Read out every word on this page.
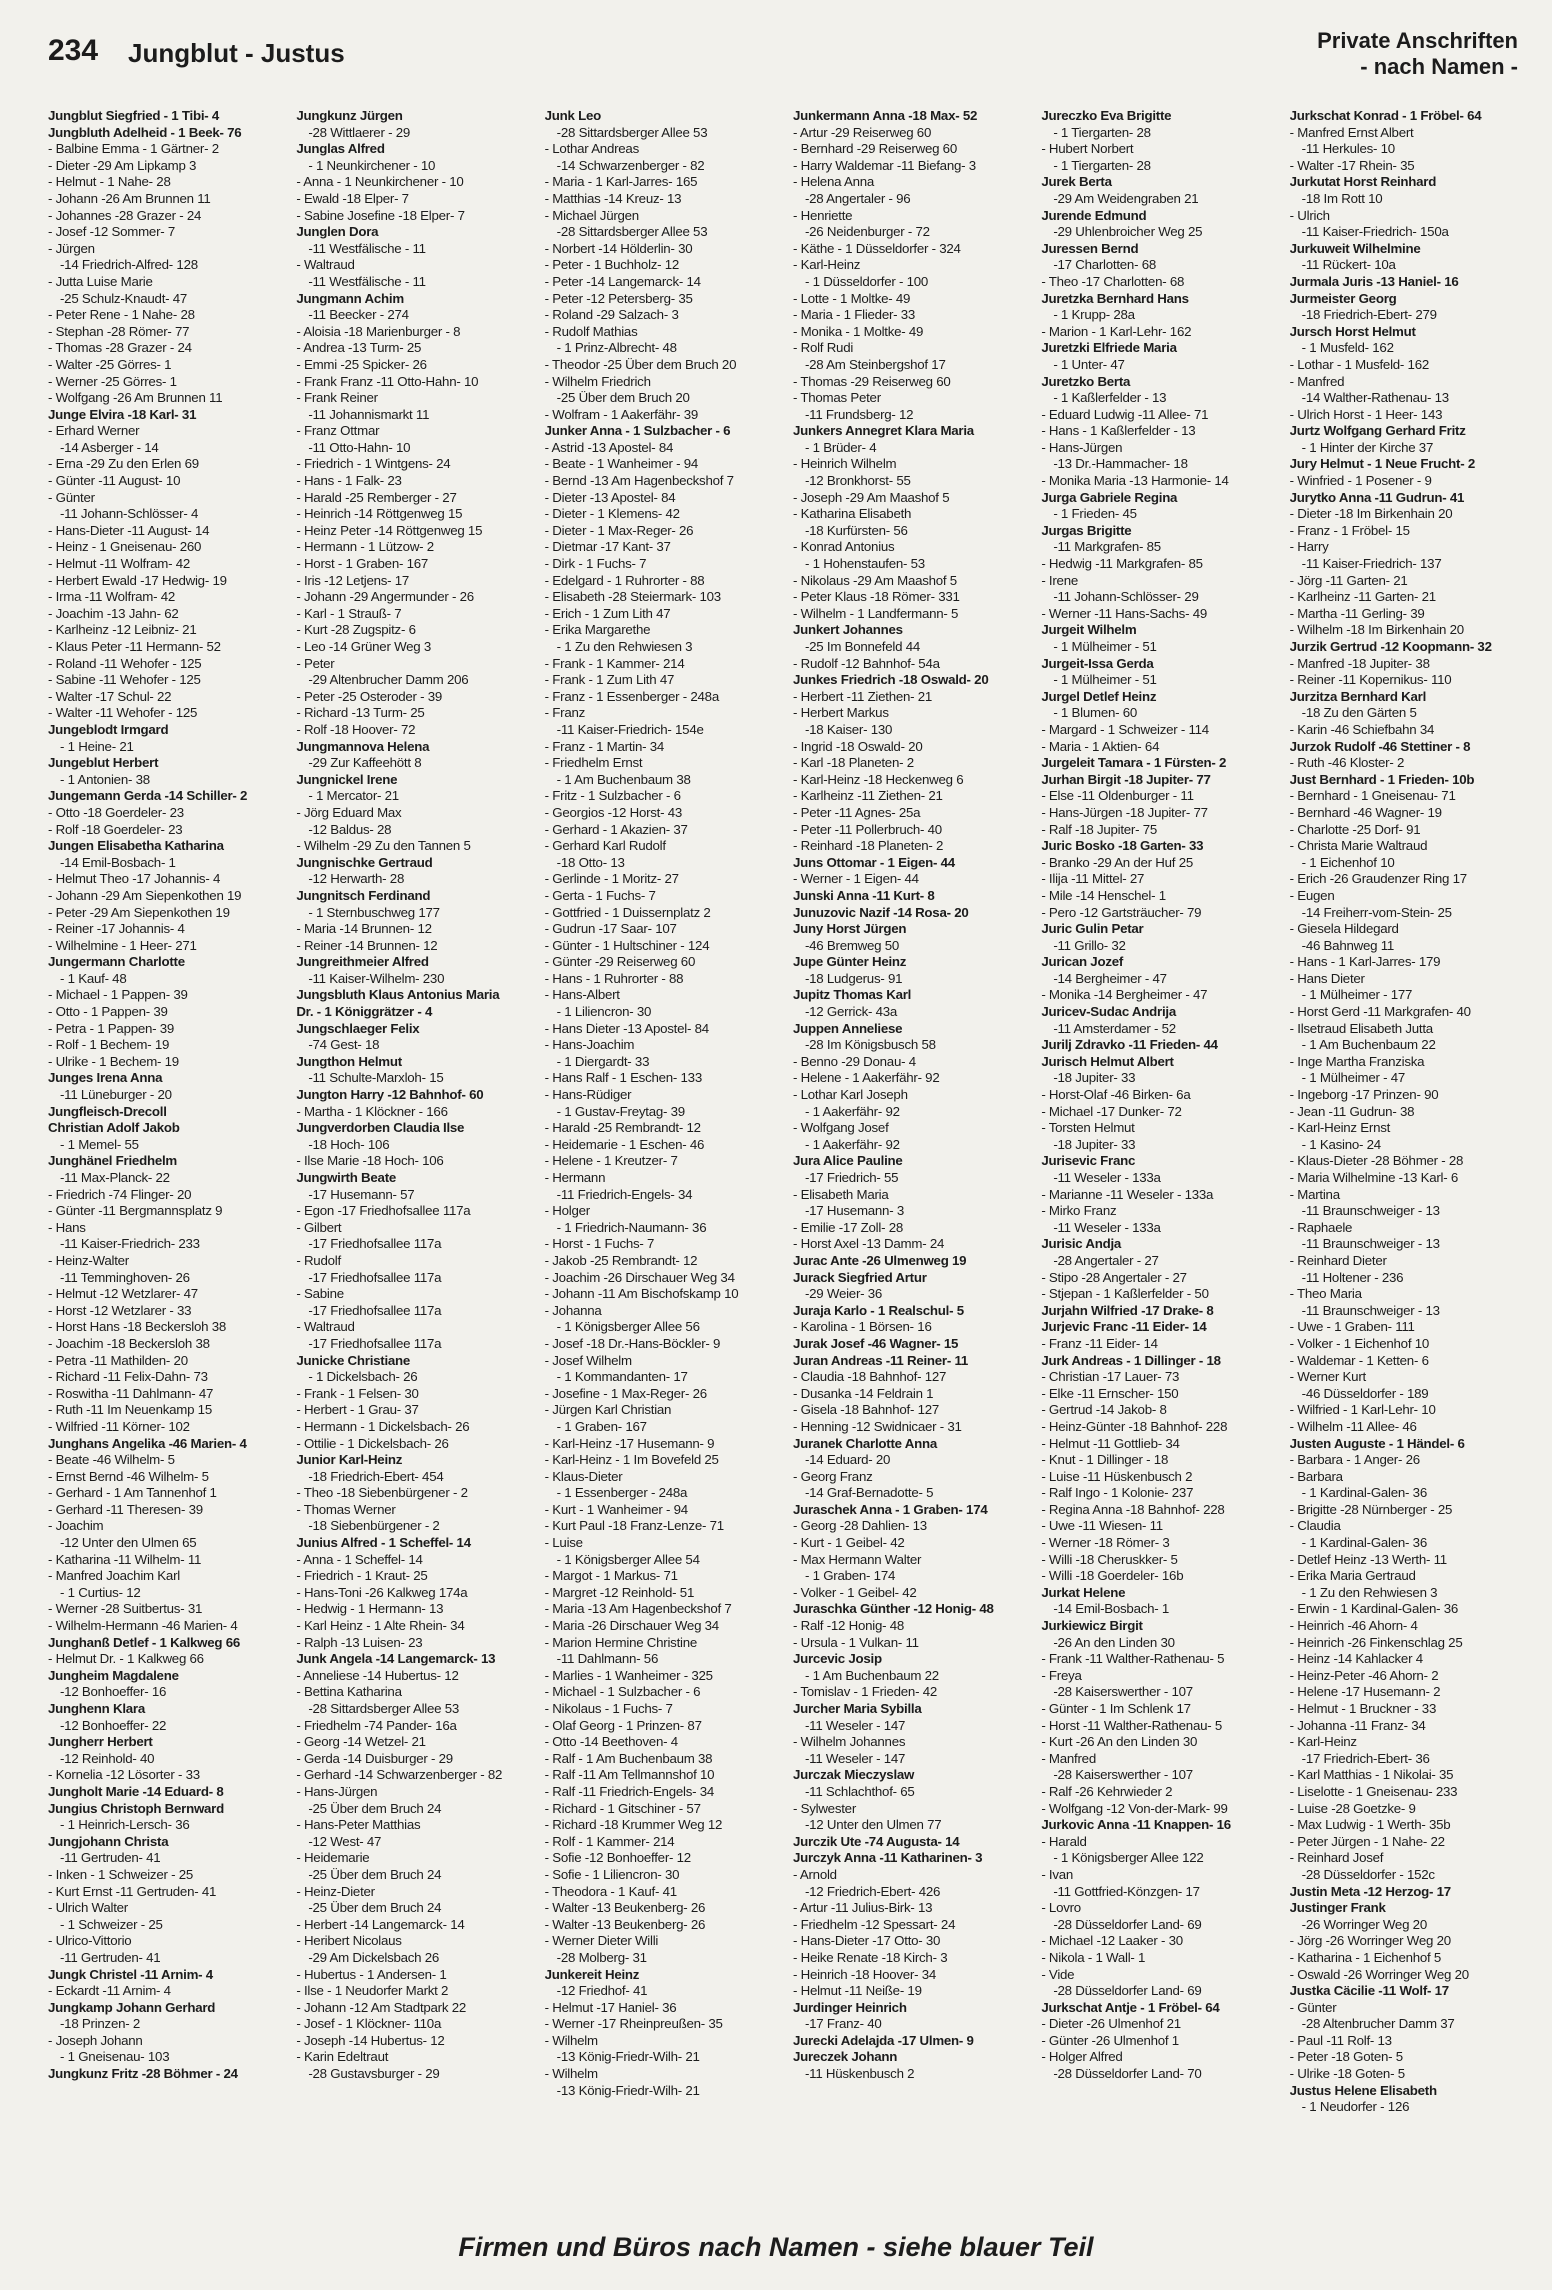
234 Jungblut - Justus	Private Anschriften
- nach Namen -
Jungblut Siegfried - 1 Tibi- 4
Jungbluth Adelheid - 1 Beek- 76
- Balbine Emma - 1 Gärtner- 2
- Dieter -29 Am Lipkamp 3
- Helmut - 1 Nahe- 28
- Johann -26 Am Brunnen 11
- Johannes -28 Grazer - 24
- Josef -12 Sommer- 7
- Jürgen
-14 Friedrich-Alfred- 128
- Jutta Luise Marie
-25 Schulz-Knaudt- 47
- Peter Rene - 1 Nahe- 28
- Stephan -28 Römer- 77
- Thomas -28 Grazer - 24
- Walter -25 Görres- 1
- Werner -25 Görres- 1
- Wolfgang -26 Am Brunnen 11
Junge Elvira -18 Karl- 31
- Erhard Werner
-14 Asberger - 14
- Erna -29 Zu den Erlen 69
- Günter -11 August- 10
- Günter
-11 Johann-Schlösser- 4
- Hans-Dieter -11 August- 14
- Heinz - 1 Gneisenau- 260
- Helmut -11 Wolfram- 42
- Herbert Ewald -17 Hedwig- 19
- Irma -11 Wolfram- 42
- Joachim -13 Jahn- 62
- Karlheinz -12 Leibniz- 21
- Klaus Peter -11 Hermann- 52
- Roland -11 Wehofer - 125
- Sabine -11 Wehofer - 125
- Walter -17 Schul- 22
- Walter -11 Wehofer - 125
Jungeblodt Irmgard
- 1 Heine- 21
Jungeblut Herbert
- 1 Antonien- 38
Jungemann Gerda -14 Schiller- 2
- Otto -18 Goerdeler- 23
- Rolf -18 Goerdeler- 23
Jungen Elisabetha Katharina
-14 Emil-Bosbach- 1
- Helmut Theo -17 Johannis- 4
- Johann -29 Am Siepenkothen 19
- Peter -29 Am Siepenkothen 19
- Reiner -17 Johannis- 4
- Wilhelmine - 1 Heer- 271
Jungermann Charlotte
- 1 Kauf- 48
- Michael - 1 Pappen- 39
- Otto - 1 Pappen- 39
- Petra - 1 Pappen- 39
- Rolf - 1 Bechem- 19
- Ulrike - 1 Bechem- 19
Junges Irena Anna
-11 Lüneburger - 20
Jungfleisch-Drecoll
Christian Adolf Jakob
- 1 Memel- 55
Junghänel Friedhelm
-11 Max-Planck- 22
- Friedrich -74 Flinger- 20
- Günter -11 Bergmannsplatz 9
- Hans
-11 Kaiser-Friedrich- 233
- Heinz-Walter
-11 Temminghoven- 26
- Helmut -12 Wetzlarer- 47
- Horst -12 Wetzlarer - 33
- Horst Hans -18 Beckersloh 38
- Joachim -18 Beckersloh 38
- Petra -11 Mathilden- 20
- Richard -11 Felix-Dahn- 73
- Roswitha -11 Dahlmann- 47
- Ruth -11 Im Neuenkamp 15
- Wilfried -11 Körner- 102
Junghans Angelika -46 Marien- 4
- Beate -46 Wilhelm- 5
- Ernst Bernd -46 Wilhelm- 5
- Gerhard - 1 Am Tannenhof 1
- Gerhard -11 Theresen- 39
- Joachim
-12 Unter den Ulmen 65
- Katharina -11 Wilhelm- 11
- Manfred Joachim Karl
- 1 Curtius- 12
- Werner -28 Suitbertus- 31
- Wilhelm-Hermann -46 Marien- 4
Junghanß Detlef - 1 Kalkweg 66
- Helmut Dr. - 1 Kalkweg 66
Jungheim Magdalene
-12 Bonhoeffer- 16
Junghenn Klara
-12 Bonhoeffer- 22
Jungherr Herbert
-12 Reinhold- 40
- Kornelia -12 Lösorter - 33
Jungholt Marie -14 Eduard- 8
Jungius Christoph Bernward
- 1 Heinrich-Lersch- 36
Jungjohann Christa
-11 Gertruden- 41
- Inken - 1 Schweizer - 25
- Kurt Ernst -11 Gertruden- 41
- Ulrich Walter
- 1 Schweizer - 25
- Ulrico-Vittorio
-11 Gertruden- 41
Jungk Christel -11 Arnim- 4
- Eckardt -11 Arnim- 4
Jungkamp Johann Gerhard
-18 Prinzen- 2
- Joseph Johann
- 1 Gneisenau- 103
Jungkunz Fritz -28 Böhmer - 24
Jungkunz Jürgen
-28 Wittlaerer - 29
Junglas Alfred
- 1 Neunkirchener - 10
- Anna - 1 Neunkirchener - 10
- Ewald -18 Elper- 7
- Sabine Josefine -18 Elper- 7
Junglen Dora
-11 Westfälische - 11
- Waltraud
-11 Westfälische - 11
Jungmann Achim
-11 Beecker - 274
- Aloisia -18 Marienburger - 8
- Andrea -13 Turm- 25
- Emmi -25 Spicker- 26
- Frank Franz -11 Otto-Hahn- 10
- Frank Reiner
-11 Johannismarkt 11
- Franz Ottmar
-11 Otto-Hahn- 10
- Friedrich - 1 Wintgens- 24
- Hans - 1 Falk- 23
- Harald -25 Remberger - 27
- Heinrich -14 Röttgenweg 15
- Heinz Peter -14 Röttgenweg 15
- Hermann - 1 Lützow- 2
- Horst - 1 Graben- 167
- Iris -12 Letjens- 17
- Johann -29 Angermunder - 26
- Karl - 1 Strauß- 7
- Kurt -28 Zugspitz- 6
- Leo -14 Grüner Weg 3
- Peter
-29 Altenbrucher Damm 206
- Peter -25 Osteroder - 39
- Richard -13 Turm- 25
- Rolf -18 Hoover- 72
Jungmannova Helena
-29 Zur Kaffeehött 8
Jungnickel Irene
- 1 Mercator- 21
- Jörg Eduard Max
-12 Baldus- 28
- Wilhelm -29 Zu den Tannen 5
Jungnischke Gertraud
-12 Herwarth- 28
Jungnitsch Ferdinand
- 1 Sternbuschweg 177
- Maria -14 Brunnen- 12
- Reiner -14 Brunnen- 12
Jungreithmeier Alfred
-11 Kaiser-Wilhelm- 230
Jungsbluth Klaus Antonius Maria
Dr. - 1 Königgrätzer - 4
Jungschlaeger Felix
-74 Gest- 18
Jungthon Helmut
-11 Schulte-Marxloh- 15
Jungton Harry -12 Bahnhof- 60
- Martha - 1 Klöckner - 166
Jungverdorben Claudia Ilse
-18 Hoch- 106
- Ilse Marie -18 Hoch- 106
Jungwirth Beate
-17 Husemann- 57
- Egon -17 Friedhofsallee 117a
- Gilbert
-17 Friedhofsallee 117a
- Rudolf
-17 Friedhofsallee 117a
- Sabine
-17 Friedhofsallee 117a
- Waltraud
-17 Friedhofsallee 117a
Junicke Christiane
- 1 Dickelsbach- 26
- Frank - 1 Felsen- 30
- Herbert - 1 Grau- 37
- Hermann - 1 Dickelsbach- 26
- Ottilie - 1 Dickelsbach- 26
Junior Karl-Heinz
-18 Friedrich-Ebert- 454
- Theo -18 Siebenbürgener - 2
- Thomas Werner
-18 Siebenbürgener - 2
Junius Alfred - 1 Scheffel- 14
- Anna - 1 Scheffel- 14
- Friedrich - 1 Kraut- 25
- Hans-Toni -26 Kalkweg 174a
- Hedwig - 1 Hermann- 13
- Karl Heinz - 1 Alte Rhein- 34
- Ralph -13 Luisen- 23
Junk Angela -14 Langemarck- 13
- Anneliese -14 Hubertus- 12
- Bettina Katharina
-28 Sittardsberger Allee 53
- Friedhelm -74 Pander- 16a
- Georg -14 Wetzel- 21
- Gerda -14 Duisburger - 29
- Gerhard -14 Schwarzenberger - 82
- Hans-Jürgen
-25 Über dem Bruch 24
- Hans-Peter Matthias
-12 West- 47
- Heidemarie
-25 Über dem Bruch 24
- Heinz-Dieter
-25 Über dem Bruch 24
- Herbert -14 Langemarck- 14
- Heribert Nicolaus
-29 Am Dickelsbach 26
- Hubertus - 1 Andersen- 1
- Ilse - 1 Neudorfer Markt 2
- Johann -12 Am Stadtpark 22
- Josef - 1 Klöckner- 110a
- Joseph -14 Hubertus- 12
- Karin Edeltraut
-28 Gustavsburger - 29
Junk Leo
-28 Sittardsberger Allee 53
- Lothar Andreas
-14 Schwarzenberger - 82
- Maria - 1 Karl-Jarres- 165
- Matthias -14 Kreuz- 13
- Michael Jürgen
-28 Sittardsberger Allee 53
- Norbert -14 Hölderlin- 30
- Peter - 1 Buchholz- 12
- Peter -14 Langemarck- 14
- Peter -12 Petersberg- 35
- Roland -29 Salzach- 3
- Rudolf Mathias
- 1 Prinz-Albrecht- 48
- Theodor -25 Über dem Bruch 20
- Wilhelm Friedrich
-25 Über dem Bruch 20
- Wolfram - 1 Aakerfähr- 39
Junker Anna - 1 Sulzbacher - 6
- Astrid -13 Apostel- 84
- Beate - 1 Wanheimer - 94
- Bernd -13 Am Hagenbeckshof 7
- Dieter -13 Apostel- 84
- Dieter - 1 Klemens- 42
- Dieter - 1 Max-Reger- 26
- Dietmar -17 Kant- 37
- Dirk - 1 Fuchs- 7
- Edelgard - 1 Ruhrorter - 88
- Elisabeth -28 Steiermark- 103
- Erich - 1 Zum Lith 47
- Erika Margarethe
- 1 Zu den Rehwiesen 3
- Frank - 1 Kammer- 214
- Frank - 1 Zum Lith 47
- Franz - 1 Essenberger - 248a
- Franz
-11 Kaiser-Friedrich- 154e
- Franz - 1 Martin- 34
- Friedhelm Ernst
- 1 Am Buchenbaum 38
- Fritz - 1 Sulzbacher - 6
- Georgios -12 Horst- 43
- Gerhard - 1 Akazien- 37
- Gerhard Karl Rudolf
-18 Otto- 13
- Gerlinde - 1 Moritz- 27
- Gerta - 1 Fuchs- 7
- Gottfried - 1 Duissernplatz 2
- Gudrun -17 Saar- 107
- Günter - 1 Hultschiner - 124
- Günter -29 Reiserweg 60
- Hans - 1 Ruhrorter - 88
- Hans-Albert
- 1 Liliencron- 30
- Hans Dieter -13 Apostel- 84
- Hans-Joachim
- 1 Diergardt- 33
- Hans Ralf - 1 Eschen- 133
- Hans-Rüdiger
- 1 Gustav-Freytag- 39
- Harald -25 Rembrandt- 12
- Heidemarie - 1 Eschen- 46
- Helene - 1 Kreutzer- 7
- Hermann
-11 Friedrich-Engels- 34
- Holger
- 1 Friedrich-Naumann- 36
- Horst - 1 Fuchs- 7
- Jakob -25 Rembrandt- 12
- Joachim -26 Dirschauer Weg 34
- Johann -11 Am Bischofskamp 10
- Johanna
- 1 Königsberger Allee 56
- Josef -18 Dr.-Hans-Böckler- 9
- Josef Wilhelm
- 1 Kommandanten- 17
- Josefine - 1 Max-Reger- 26
- Jürgen Karl Christian
- 1 Graben- 167
- Karl-Heinz -17 Husemann- 9
- Karl-Heinz - 1 Im Bovefeld 25
- Klaus-Dieter
- 1 Essenberger - 248a
- Kurt - 1 Wanheimer - 94
- Kurt Paul -18 Franz-Lenze- 71
- Luise
- 1 Königsberger Allee 54
- Margot - 1 Markus- 71
- Margret -12 Reinhold- 51
- Maria -13 Am Hagenbeckshof 7
- Maria -26 Dirschauer Weg 34
- Marion Hermine Christine
-11 Dahlmann- 56
- Marlies - 1 Wanheimer - 325
- Michael - 1 Sulzbacher - 6
- Nikolaus - 1 Fuchs- 7
- Olaf Georg - 1 Prinzen- 87
- Otto -14 Beethoven- 4
- Ralf - 1 Am Buchenbaum 38
- Ralf -11 Am Tellmannshof 10
- Ralf -11 Friedrich-Engels- 34
- Richard - 1 Gitschiner - 57
- Richard -18 Krummer Weg 12
- Rolf - 1 Kammer- 214
- Sofie -12 Bonhoeffer- 12
- Sofie - 1 Liliencron- 30
- Theodora - 1 Kauf- 41
- Walter -13 Beukenberg- 26
- Walter -13 Beukenberg- 26
- Werner Dieter Willi
-28 Molberg- 31
Junkereit Heinz
-12 Friedhof- 41
- Helmut -17 Haniel- 36
- Werner -17 Rheinpreußen- 35
- Wilhelm
-13 König-Friedr-Wilh- 21
- Wilhelm
-13 König-Friedr-Wilh- 21
Junkermann Anna -18 Max- 52
- Artur -29 Reiserweg 60
- Bernhard -29 Reiserweg 60
- Harry Waldemar -11 Biefang- 3
- Helena Anna
-28 Angertaler - 96
- Henriette
-26 Neidenburger - 72
- Käthe - 1 Düsseldorfer - 324
- Karl-Heinz
- 1 Düsseldorfer - 100
- Lotte - 1 Moltke- 49
- Maria - 1 Flieder- 33
- Monika - 1 Moltke- 49
- Rolf Rudi
-28 Am Steinbergshof 17
- Thomas -29 Reiserweg 60
- Thomas Peter
-11 Frundsberg- 12
Junkers Annegret Klara Maria
- 1 Brüder- 4
- Heinrich Wilhelm
-12 Bronkhorst- 55
- Joseph -29 Am Maashof 5
- Katharina Elisabeth
-18 Kurfürsten- 56
- Konrad Antonius
- 1 Hohenstaufen- 53
- Nikolaus -29 Am Maashof 5
- Peter Klaus -18 Römer- 331
- Wilhelm - 1 Landfermann- 5
Junkert Johannes
-25 Im Bonnefeld 44
- Rudolf -12 Bahnhof- 54a
Junkes Friedrich -18 Oswald- 20
- Herbert -11 Ziethen- 21
- Herbert Markus
-18 Kaiser- 130
- Ingrid -18 Oswald- 20
- Karl -18 Planeten- 2
- Karl-Heinz -18 Heckenweg 6
- Karlheinz -11 Ziethen- 21
- Peter -11 Agnes- 25a
- Peter -11 Pollerbruch- 40
- Reinhard -18 Planeten- 2
Juns Ottomar - 1 Eigen- 44
- Werner - 1 Eigen- 44
Junski Anna -11 Kurt- 8
Junuzovic Nazif -14 Rosa- 20
Juny Horst Jürgen
-46 Bremweg 50
Jupe Günter Heinz
-18 Ludgerus- 91
Jupitz Thomas Karl
-12 Gerrick- 43a
Juppen Anneliese
-28 Im Königsbusch 58
- Benno -29 Donau- 4
- Helene - 1 Aakerfähr- 92
- Lothar Karl Joseph
- 1 Aakerfähr- 92
- Wolfgang Josef
- 1 Aakerfähr- 92
Jura Alice Pauline
-17 Friedrich- 55
- Elisabeth Maria
-17 Husemann- 3
- Emilie -17 Zoll- 28
- Horst Axel -13 Damm- 24
Jurac Ante -26 Ulmenweg 19
Jurack Siegfried Artur
-29 Weier- 36
Juraja Karlo - 1 Realschul- 5
- Karolina - 1 Börsen- 16
Jurak Josef -46 Wagner- 15
Juran Andreas -11 Reiner- 11
- Claudia -18 Bahnhof- 127
- Dusanka -14 Feldrain 1
- Gisela -18 Bahnhof- 127
- Henning -12 Swidnicaer - 31
Juranek Charlotte Anna
-14 Eduard- 20
- Georg Franz
-14 Graf-Bernadotte- 5
Juraschek Anna - 1 Graben- 174
- Georg -28 Dahlien- 13
- Kurt - 1 Geibel- 42
- Max Hermann Walter
- 1 Graben- 174
- Volker - 1 Geibel- 42
Juraschka Günther -12 Honig- 48
- Ralf -12 Honig- 48
- Ursula - 1 Vulkan- 11
Jurcevic Josip
- 1 Am Buchenbaum 22
- Tomislav - 1 Frieden- 42
Jurcher Maria Sybilla
-11 Weseler - 147
- Wilhelm Johannes
-11 Weseler - 147
Jurczak Mieczyslaw
-11 Schlachthof- 65
- Sylwester
-12 Unter den Ulmen 77
Jurczik Ute -74 Augusta- 14
Jurczyk Anna -11 Katharinen- 3
- Arnold
-12 Friedrich-Ebert- 426
- Artur -11 Julius-Birk- 13
- Friedhelm -12 Spessart- 24
- Hans-Dieter -17 Otto- 30
- Heike Renate -18 Kirch- 3
- Heinrich -18 Hoover- 34
- Helmut -11 Neiße- 19
Jurdinger Heinrich
-17 Franz- 40
Jurecki Adelajda -17 Ulmen- 9
Jureczek Johann
-11 Hüskenbusch 2
Jureczko Eva Brigitte
- 1 Tiergarten- 28
- Hubert Norbert
- 1 Tiergarten- 28
Jurek Berta
-29 Am Weidengraben 21
Jurende Edmund
-29 Uhlenbroicher Weg 25
Juressen Bernd
-17 Charlotten- 68
- Theo -17 Charlotten- 68
Juretzka Bernhard Hans
- 1 Krupp- 28a
- Marion - 1 Karl-Lehr- 162
Juretzki Elfriede Maria
- 1 Unter- 47
Juretzko Berta
- 1 Kaßlerfelder - 13
- Eduard Ludwig -11 Allee- 71
- Hans - 1 Kaßlerfelder - 13
- Hans-Jürgen
-13 Dr.-Hammacher- 18
- Monika Maria -13 Harmonie- 14
Jurga Gabriele Regina
- 1 Frieden- 45
Jurgas Brigitte
-11 Markgrafen- 85
- Hedwig -11 Markgrafen- 85
- Irene
-11 Johann-Schlösser- 29
- Werner -11 Hans-Sachs- 49
Jurgeit Wilhelm
- 1 Mülheimer - 51
Jurgeit-Issa Gerda
- 1 Mülheimer - 51
Jurgel Detlef Heinz
- 1 Blumen- 60
- Margard - 1 Schweizer - 114
- Maria - 1 Aktien- 64
Jurgeleit Tamara - 1 Fürsten- 2
Jurhan Birgit -18 Jupiter- 77
- Else -11 Oldenburger - 11
- Hans-Jürgen -18 Jupiter- 77
- Ralf -18 Jupiter- 75
Juric Bosko -18 Garten- 33
- Branko -29 An der Huf 25
- Ilija -11 Mittel- 27
- Mile -14 Henschel- 1
- Pero -12 Gartsträucher- 79
Juric Gulin Petar
-11 Grillo- 32
Jurican Jozef
-14 Bergheimer - 47
- Monika -14 Bergheimer - 47
Juricev-Sudac Andrija
-11 Amsterdamer - 52
Jurilj Zdravko -11 Frieden- 44
Jurisch Helmut Albert
-18 Jupiter- 33
- Horst-Olaf -46 Birken- 6a
- Michael -17 Dunker- 72
- Torsten Helmut
-18 Jupiter- 33
Jurisevic Franc
-11 Weseler - 133a
- Marianne -11 Weseler - 133a
- Mirko Franz
-11 Weseler - 133a
Jurisic Andja
-28 Angertaler - 27
- Stipo -28 Angertaler - 27
- Stjepan - 1 Kaßlerfelder - 50
Jurjahn Wilfried -17 Drake- 8
Jurjevic Franc -11 Eider- 14
- Franz -11 Eider- 14
Jurk Andreas - 1 Dillinger - 18
- Christian -17 Lauer- 73
- Elke -11 Ernscher- 150
- Gertrud -14 Jakob- 8
- Heinz-Günter -18 Bahnhof- 228
- Helmut -11 Gottlieb- 34
- Knut - 1 Dillinger - 18
- Luise -11 Hüskenbusch 2
- Ralf Ingo - 1 Kolonie- 237
- Regina Anna -18 Bahnhof- 228
- Uwe -11 Wiesen- 11
- Werner -18 Römer- 3
- Willi -18 Cheruskker- 5
- Willi -18 Goerdeler- 16b
Jurkat Helene
-14 Emil-Bosbach- 1
Jurkiewicz Birgit
-26 An den Linden 30
- Frank -11 Walther-Rathenau- 5
- Freya
-28 Kaiserswerther - 107
- Günter - 1 Im Schlenk 17
- Horst -11 Walther-Rathenau- 5
- Kurt -26 An den Linden 30
- Manfred
-28 Kaiserswerther - 107
- Ralf -26 Kehrwieder 2
- Wolfgang -12 Von-der-Mark- 99
Jurkovic Anna -11 Knappen- 16
- Harald
- 1 Königsberger Allee 122
- Ivan
-11 Gottfried-Könzgen- 17
- Lovro
-28 Düsseldorfer Land- 69
- Michael -12 Laaker - 30
- Nikola - 1 Wall- 1
- Vide
-28 Düsseldorfer Land- 69
Jurkschat Antje - 1 Fröbel- 64
- Dieter -26 Ulmenhof 21
- Günter -26 Ulmenhof 1
- Holger Alfred
-28 Düsseldorfer Land- 70
Jurkschat Konrad - 1 Fröbel- 64
- Manfred Ernst Albert
-11 Herkules- 10
- Walter -17 Rhein- 35
Jurkutat Horst Reinhard
-18 Im Rott 10
- Ulrich
-11 Kaiser-Friedrich- 150a
Jurkuweit Wilhelmine
-11 Rückert- 10a
Jurmala Juris -13 Haniel- 16
Jurmeister Georg
-18 Friedrich-Ebert- 279
Jursch Horst Helmut
- 1 Musfeld- 162
- Lothar - 1 Musfeld- 162
- Manfred
-14 Walther-Rathenau- 13
- Ulrich Horst - 1 Heer- 143
Jurtz Wolfgang Gerhard Fritz
- 1 Hinter der Kirche 37
Jury Helmut - 1 Neue Frucht- 2
- Winfried - 1 Posener - 9
Jurytko Anna -11 Gudrun- 41
- Dieter -18 Im Birkenhain 20
- Franz - 1 Fröbel- 15
- Harry
-11 Kaiser-Friedrich- 137
- Jörg -11 Garten- 21
- Karlheinz -11 Garten- 21
- Martha -11 Gerling- 39
- Wilhelm -18 Im Birkenhain 20
Jurzik Gertrud -12 Koopmann- 32
- Manfred -18 Jupiter- 38
- Reiner -11 Kopernikus- 110
Jurzitza Bernhard Karl
-18 Zu den Gärten 5
- Karin -46 Schiefbahn 34
Jurzok Rudolf -46 Stettiner - 8
- Ruth -46 Kloster- 2
Just Bernhard - 1 Frieden- 10b
- Bernhard - 1 Gneisenau- 71
- Bernhard -46 Wagner- 19
- Charlotte -25 Dorf- 91
- Christa Marie Waltraud
- 1 Eichenhof 10
- Erich -26 Graudenzer Ring 17
- Eugen
-14 Freiherr-vom-Stein- 25
- Giesela Hildegard
-46 Bahnweg 11
- Hans - 1 Karl-Jarres- 179
- Hans Dieter
- 1 Mülheimer - 177
- Horst Gerd -11 Markgrafen- 40
- Ilsetraud Elisabeth Jutta
- 1 Am Buchenbaum 22
- Inge Martha Franziska
- 1 Mülheimer - 47
- Ingeborg -17 Prinzen- 90
- Jean -11 Gudrun- 38
- Karl-Heinz Ernst
- 1 Kasino- 24
- Klaus-Dieter -28 Böhmer - 28
- Maria Wilhelmine -13 Karl- 6
- Martina
-11 Braunschweiger - 13
- Raphaele
-11 Braunschweiger - 13
- Reinhard Dieter
-11 Holtener - 236
- Theo Maria
-11 Braunschweiger - 13
- Uwe - 1 Graben- 111
- Volker - 1 Eichenhof 10
- Waldemar - 1 Ketten- 6
- Werner Kurt
-46 Düsseldorfer - 189
- Wilfried - 1 Karl-Lehr- 10
- Wilhelm -11 Allee- 46
Justen Auguste - 1 Händel- 6
- Barbara - 1 Anger- 26
- Barbara
- 1 Kardinal-Galen- 36
- Brigitte -28 Nürnberger - 25
- Claudia
- 1 Kardinal-Galen- 36
- Detlef Heinz -13 Werth- 11
- Erika Maria Gertraud
- 1 Zu den Rehwiesen 3
- Erwin - 1 Kardinal-Galen- 36
- Heinrich -46 Ahorn- 4
- Heinrich -26 Finkenschlag 25
- Heinz -14 Kahlacker 4
- Heinz-Peter -46 Ahorn- 2
- Helene -17 Husemann- 2
- Helmut - 1 Bruckner - 33
- Johanna -11 Franz- 34
- Karl-Heinz
-17 Friedrich-Ebert- 36
- Karl Matthias - 1 Nikolai- 35
- Liselotte - 1 Gneisenau- 233
- Luise -28 Goetzke- 9
- Max Ludwig - 1 Werth- 35b
- Peter Jürgen - 1 Nahe- 22
- Reinhard Josef
-28 Düsseldorfer - 152c
Justin Meta -12 Herzog- 17
Justinger Frank
-26 Worringer Weg 20
- Jörg -26 Worringer Weg 20
- Katharina - 1 Eichenhof 5
- Oswald -26 Worringer Weg 20
Justka Cäcilie -11 Wolf- 17
- Günter
-28 Altenbrucher Damm 37
- Paul -11 Rolf- 13
- Peter -18 Goten- 5
- Ulrike -18 Goten- 5
Justus Helene Elisabeth
- 1 Neudorfer - 126
Firmen und Büros nach Namen - siehe blauer Teil
